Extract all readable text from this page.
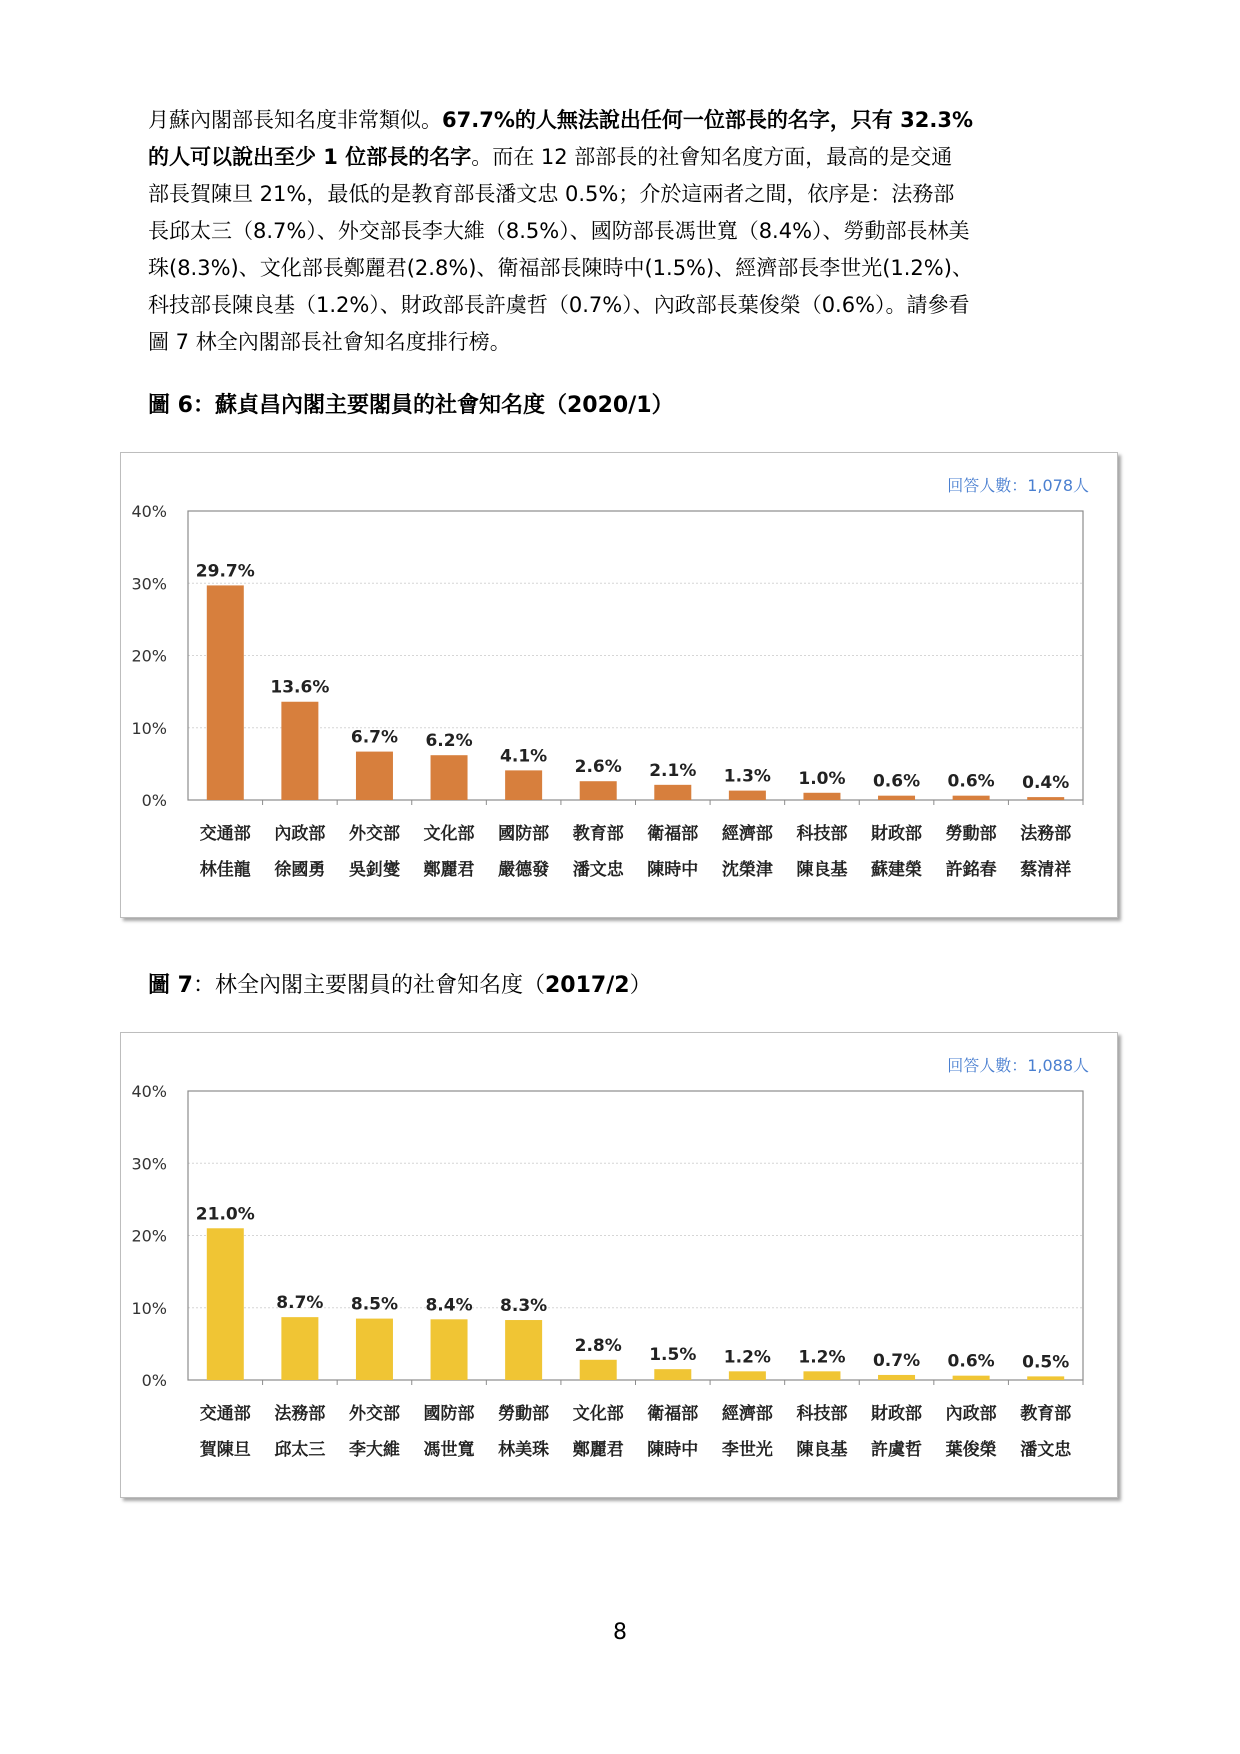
月蘇內閣部長知名度非常類似。67.7%的人無法說出任何一位部長的名字，只有 32.3%
的人可以說出至少 1 位部長的名字。而在 12 部部長的社會知名度方面，最高的是交通
部長賀陳旦 21%，最低的是教育部長潘文忠 0.5%；介於這兩者之間，依序是：法務部
長邱太三（8.7%）、外交部長李大維（8.5%）、國防部長馮世寬（8.4%）、勞動部長林美
珠(8.3%)、文化部長鄭麗君(2.8%)、衛福部長陳時中(1.5%)、經濟部長李世光(1.2%)、
科技部長陳良基（1.2%）、財政部長許虞哲（0.7%）、內政部長葉俊榮（0.6%）。請參看
圖 7 林全內閣部長社會知名度排行榜。
圖 6：蘇貞昌內閣主要閣員的社會知名度（2020/1）
0%
10%
20%
30%
40%
回答人數：1,078人
29.7%
交通部
林佳龍
13.6%
內政部
徐國勇
6.7%
外交部
吳釗燮
6.2%
文化部
鄭麗君
4.1%
國防部
嚴德發
2.6%
教育部
潘文忠
2.1%
衛福部
陳時中
1.3%
經濟部
沈榮津
1.0%
科技部
陳良基
0.6%
財政部
蘇建榮
0.6%
勞動部
許銘春
0.4%
法務部
蔡清祥
圖 7：林全內閣主要閣員的社會知名度（2017/2）
0%
10%
20%
30%
40%
回答人數：1,088人
21.0%
交通部
賀陳旦
8.7%
法務部
邱太三
8.5%
外交部
李大維
8.4%
國防部
馮世寬
8.3%
勞動部
林美珠
2.8%
文化部
鄭麗君
1.5%
衛福部
陳時中
1.2%
經濟部
李世光
1.2%
科技部
陳良基
0.7%
財政部
許虞哲
0.6%
內政部
葉俊榮
0.5%
教育部
潘文忠
8
